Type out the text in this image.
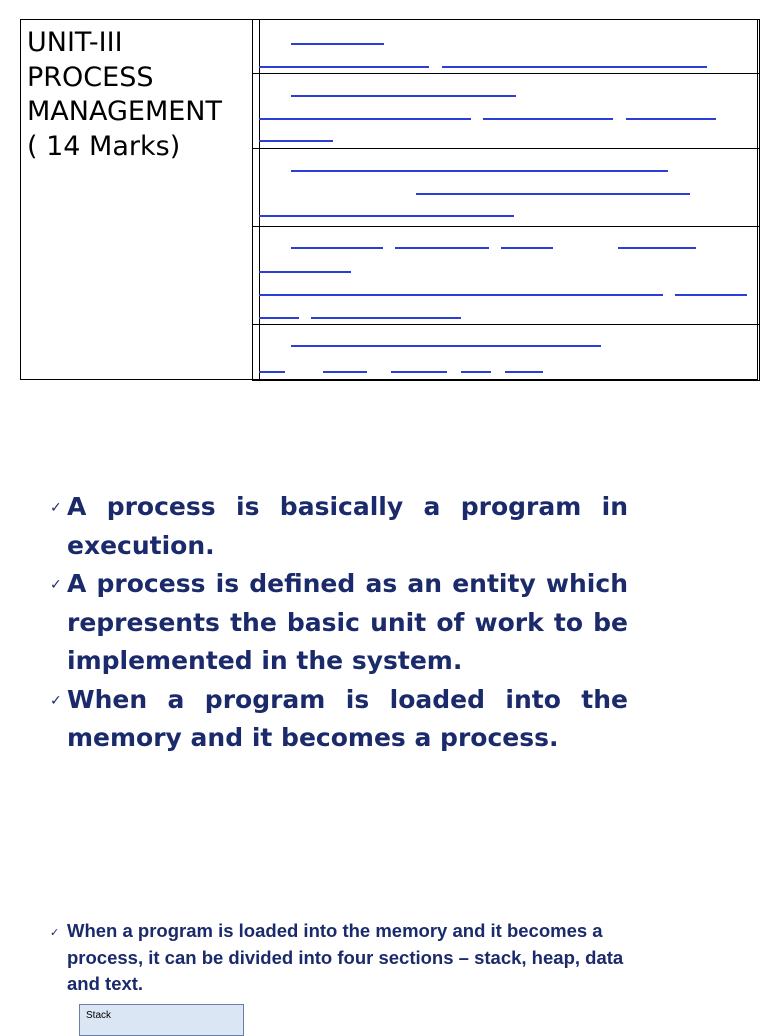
UNIT-III
PROCESS
MANAGEMENT
( 14 Marks)

✓ A process is basically a program in execution.
✓ A process is defined as an entity which represents the basic unit of work to be implemented in the system.
✓ When a program is loaded into the memory and it becomes a process.
✓ When a program is loaded into the memory and it becomes a process, it can be divided into four sections – stack, heap, data and text.
Stack
